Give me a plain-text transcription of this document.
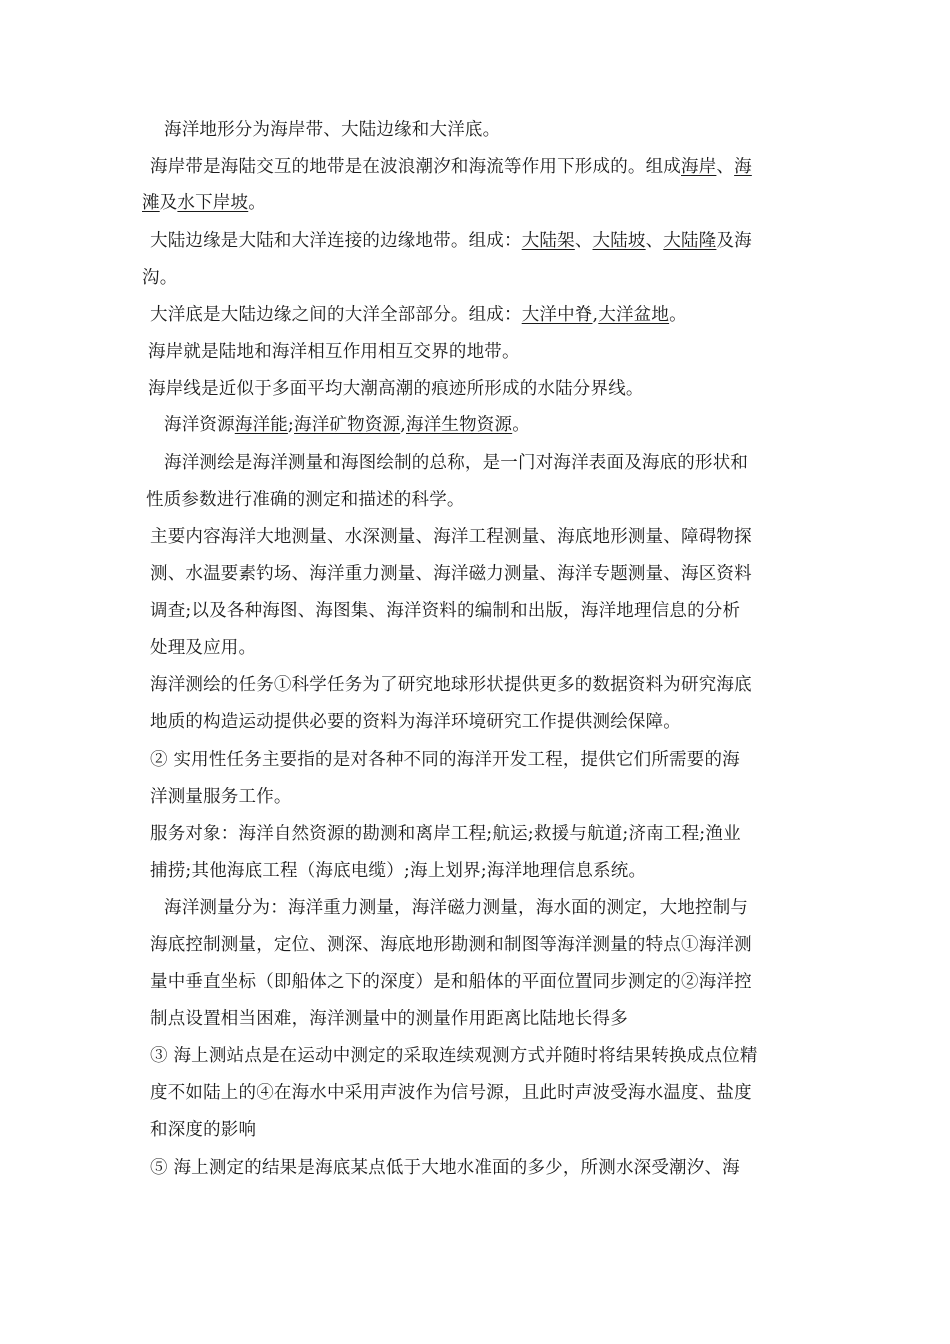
海洋地形分为海岸带、大陆边缘和大洋底。
海岸带是海陆交互的地带是在波浪潮汐和海流等作用下形成的。组成海岸、海
滩及水下岸坡。
大陆边缘是大陆和大洋连接的边缘地带。组成：大陆架、大陆坡、大陆隆及海
沟。
大洋底是大陆边缘之间的大洋全部部分。组成：大洋中脊,大洋盆地。
海岸就是陆地和海洋相互作用相互交界的地带。
海岸线是近似于多面平均大潮高潮的痕迹所形成的水陆分界线。
海洋资源海洋能;海洋矿物资源,海洋生物资源。
海洋测绘是海洋测量和海图绘制的总称，是一门对海洋表面及海底的形状和
性质参数进行准确的测定和描述的科学。
主要内容海洋大地测量、水深测量、海洋工程测量、海底地形测量、障碍物探
测、水温要素钓场、海洋重力测量、海洋磁力测量、海洋专题测量、海区资料
调查;以及各种海图、海图集、海洋资料的编制和出版，海洋地理信息的分析
处理及应用。
海洋测绘的任务①科学任务为了研究地球形状提供更多的数据资料为研究海底
地质的构造运动提供必要的资料为海洋环境研究工作提供测绘保障。
② 实用性任务主要指的是对各种不同的海洋开发工程，提供它们所需要的海
洋测量服务工作。
服务对象：海洋自然资源的勘测和离岸工程;航运;救援与航道;济南工程;渔业
捕捞;其他海底工程（海底电缆）;海上划界;海洋地理信息系统。
海洋测量分为：海洋重力测量，海洋磁力测量，海水面的测定，大地控制与
海底控制测量，定位、测深、海底地形勘测和制图等海洋测量的特点①海洋测
量中垂直坐标（即船体之下的深度）是和船体的平面位置同步测定的②海洋控
制点设置相当困难，海洋测量中的测量作用距离比陆地长得多
③ 海上测站点是在运动中测定的采取连续观测方式并随时将结果转换成点位精
度不如陆上的④在海水中采用声波作为信号源，且此时声波受海水温度、盐度
和深度的影响
⑤ 海上测定的结果是海底某点低于大地水准面的多少，所测水深受潮汐、海
